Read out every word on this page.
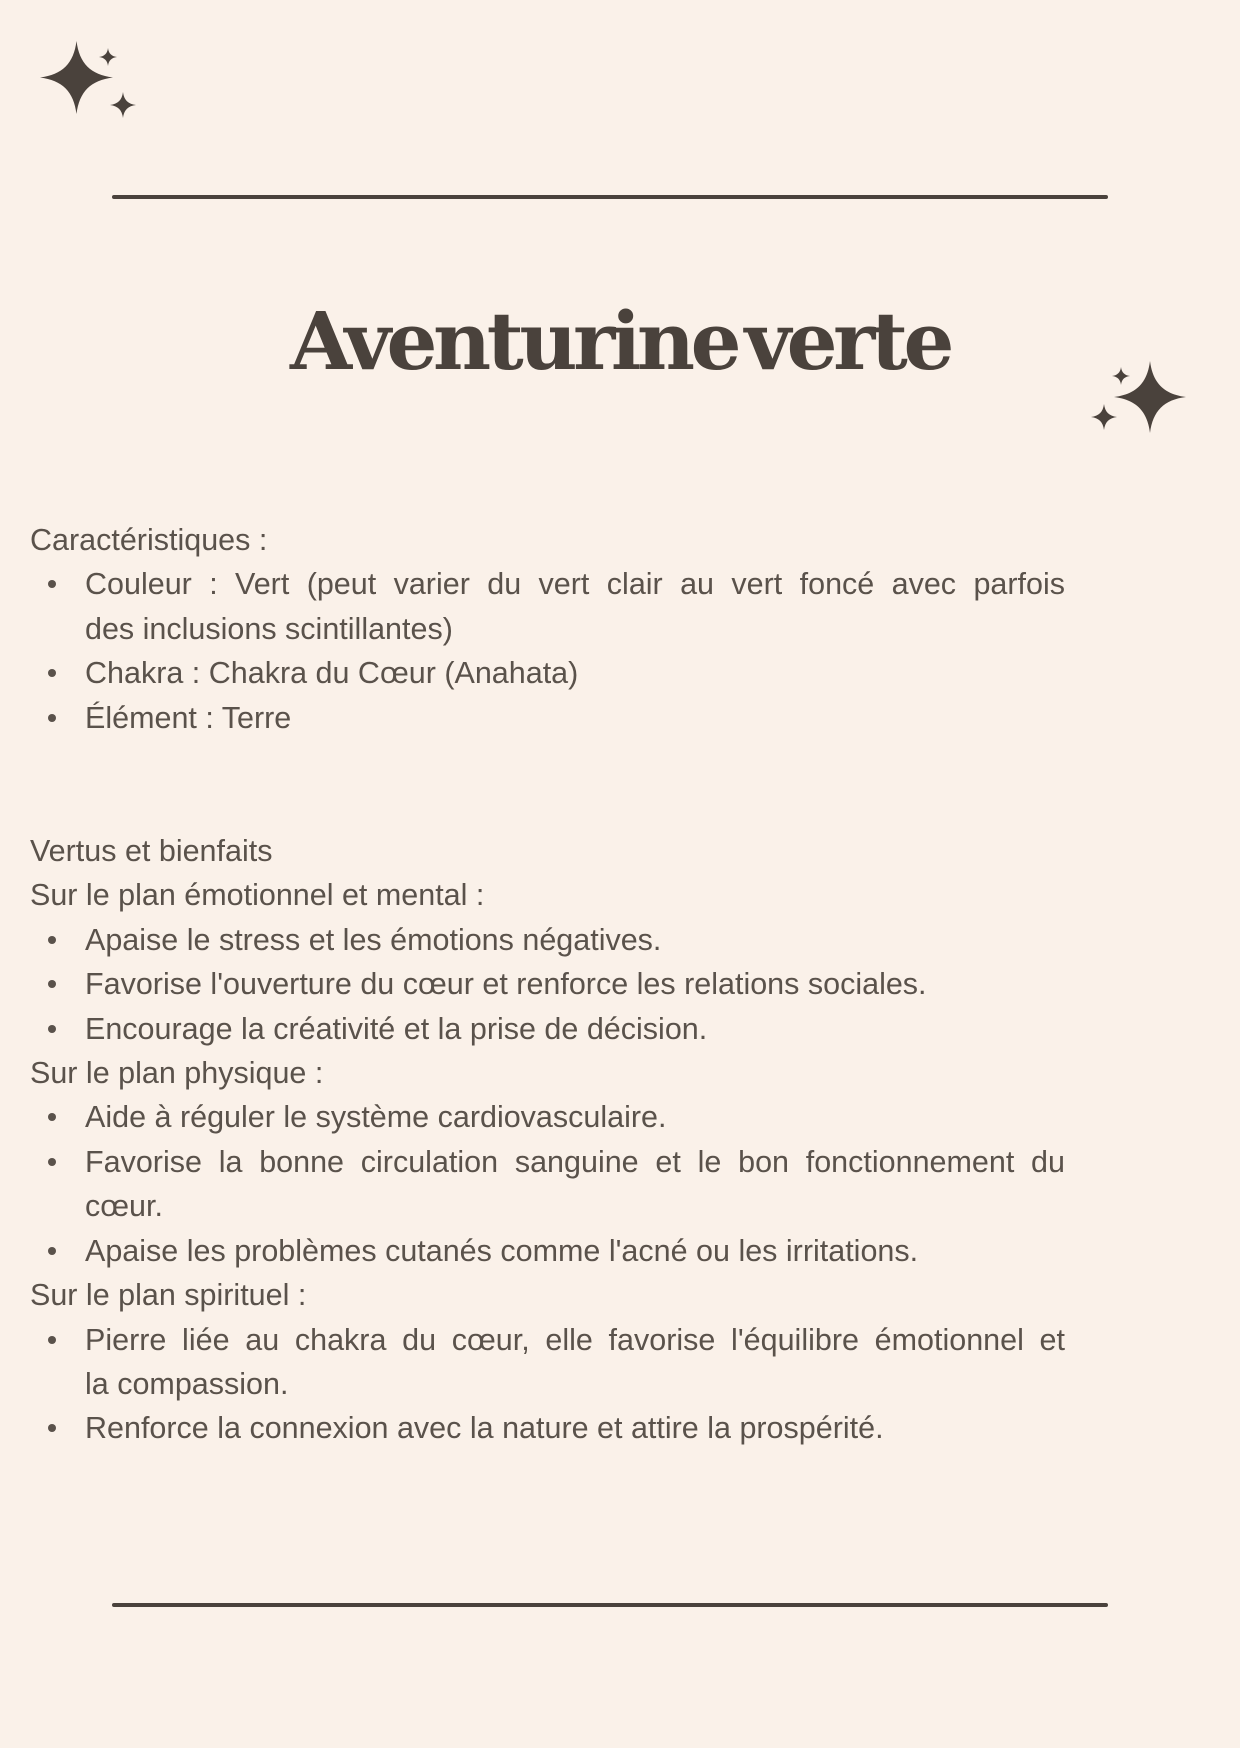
Aventurine verte

Caractéristiques :

Couleur : Vert (peut varier du vert clair au vert foncé avec parfois
des inclusions scintillantes)
Chakra : Chakra du Cœur (Anahata)
Élément : Terre

Vertus et bienfaits

Sur le plan émotionnel et mental :

Apaise le stress et les émotions négatives.
Favorise l'ouverture du cœur et renforce les relations sociales.
Encourage la créativité et la prise de décision.

Sur le plan physique :

Aide à réguler le système cardiovasculaire.
Favorise la bonne circulation sanguine et le bon fonctionnement du
cœur.
Apaise les problèmes cutanés comme l'acné ou les irritations.

Sur le plan spirituel :

Pierre liée au chakra du cœur, elle favorise l'équilibre émotionnel et
la compassion.
Renforce la connexion avec la nature et attire la prospérité.
